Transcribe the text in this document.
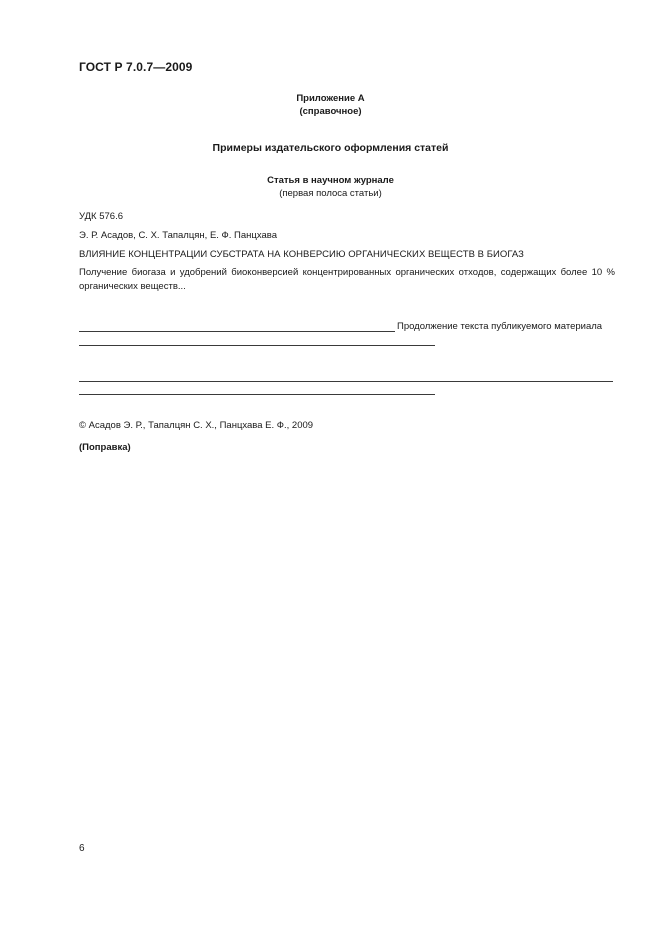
ГОСТ Р 7.0.7—2009
Приложение А
(справочное)
Примеры издательского оформления статей
Статья в научном журнале
(первая полоса статьи)
УДК 576.6
Э. Р. Асадов, С. Х. Тапалцян, Е. Ф. Панцхава
ВЛИЯНИЕ КОНЦЕНТРАЦИИ СУБСТРАТА НА КОНВЕРСИЮ ОРГАНИЧЕСКИХ ВЕЩЕСТВ В БИОГАЗ
Получение биогаза и удобрений биоконверсией концентрированных органических отходов, содержащих более 10 % органических веществ...
Продолжение текста публикуемого материала
© Асадов Э. Р., Тапалцян С. Х., Панцхава Е. Ф., 2009
(Поправка)
6
